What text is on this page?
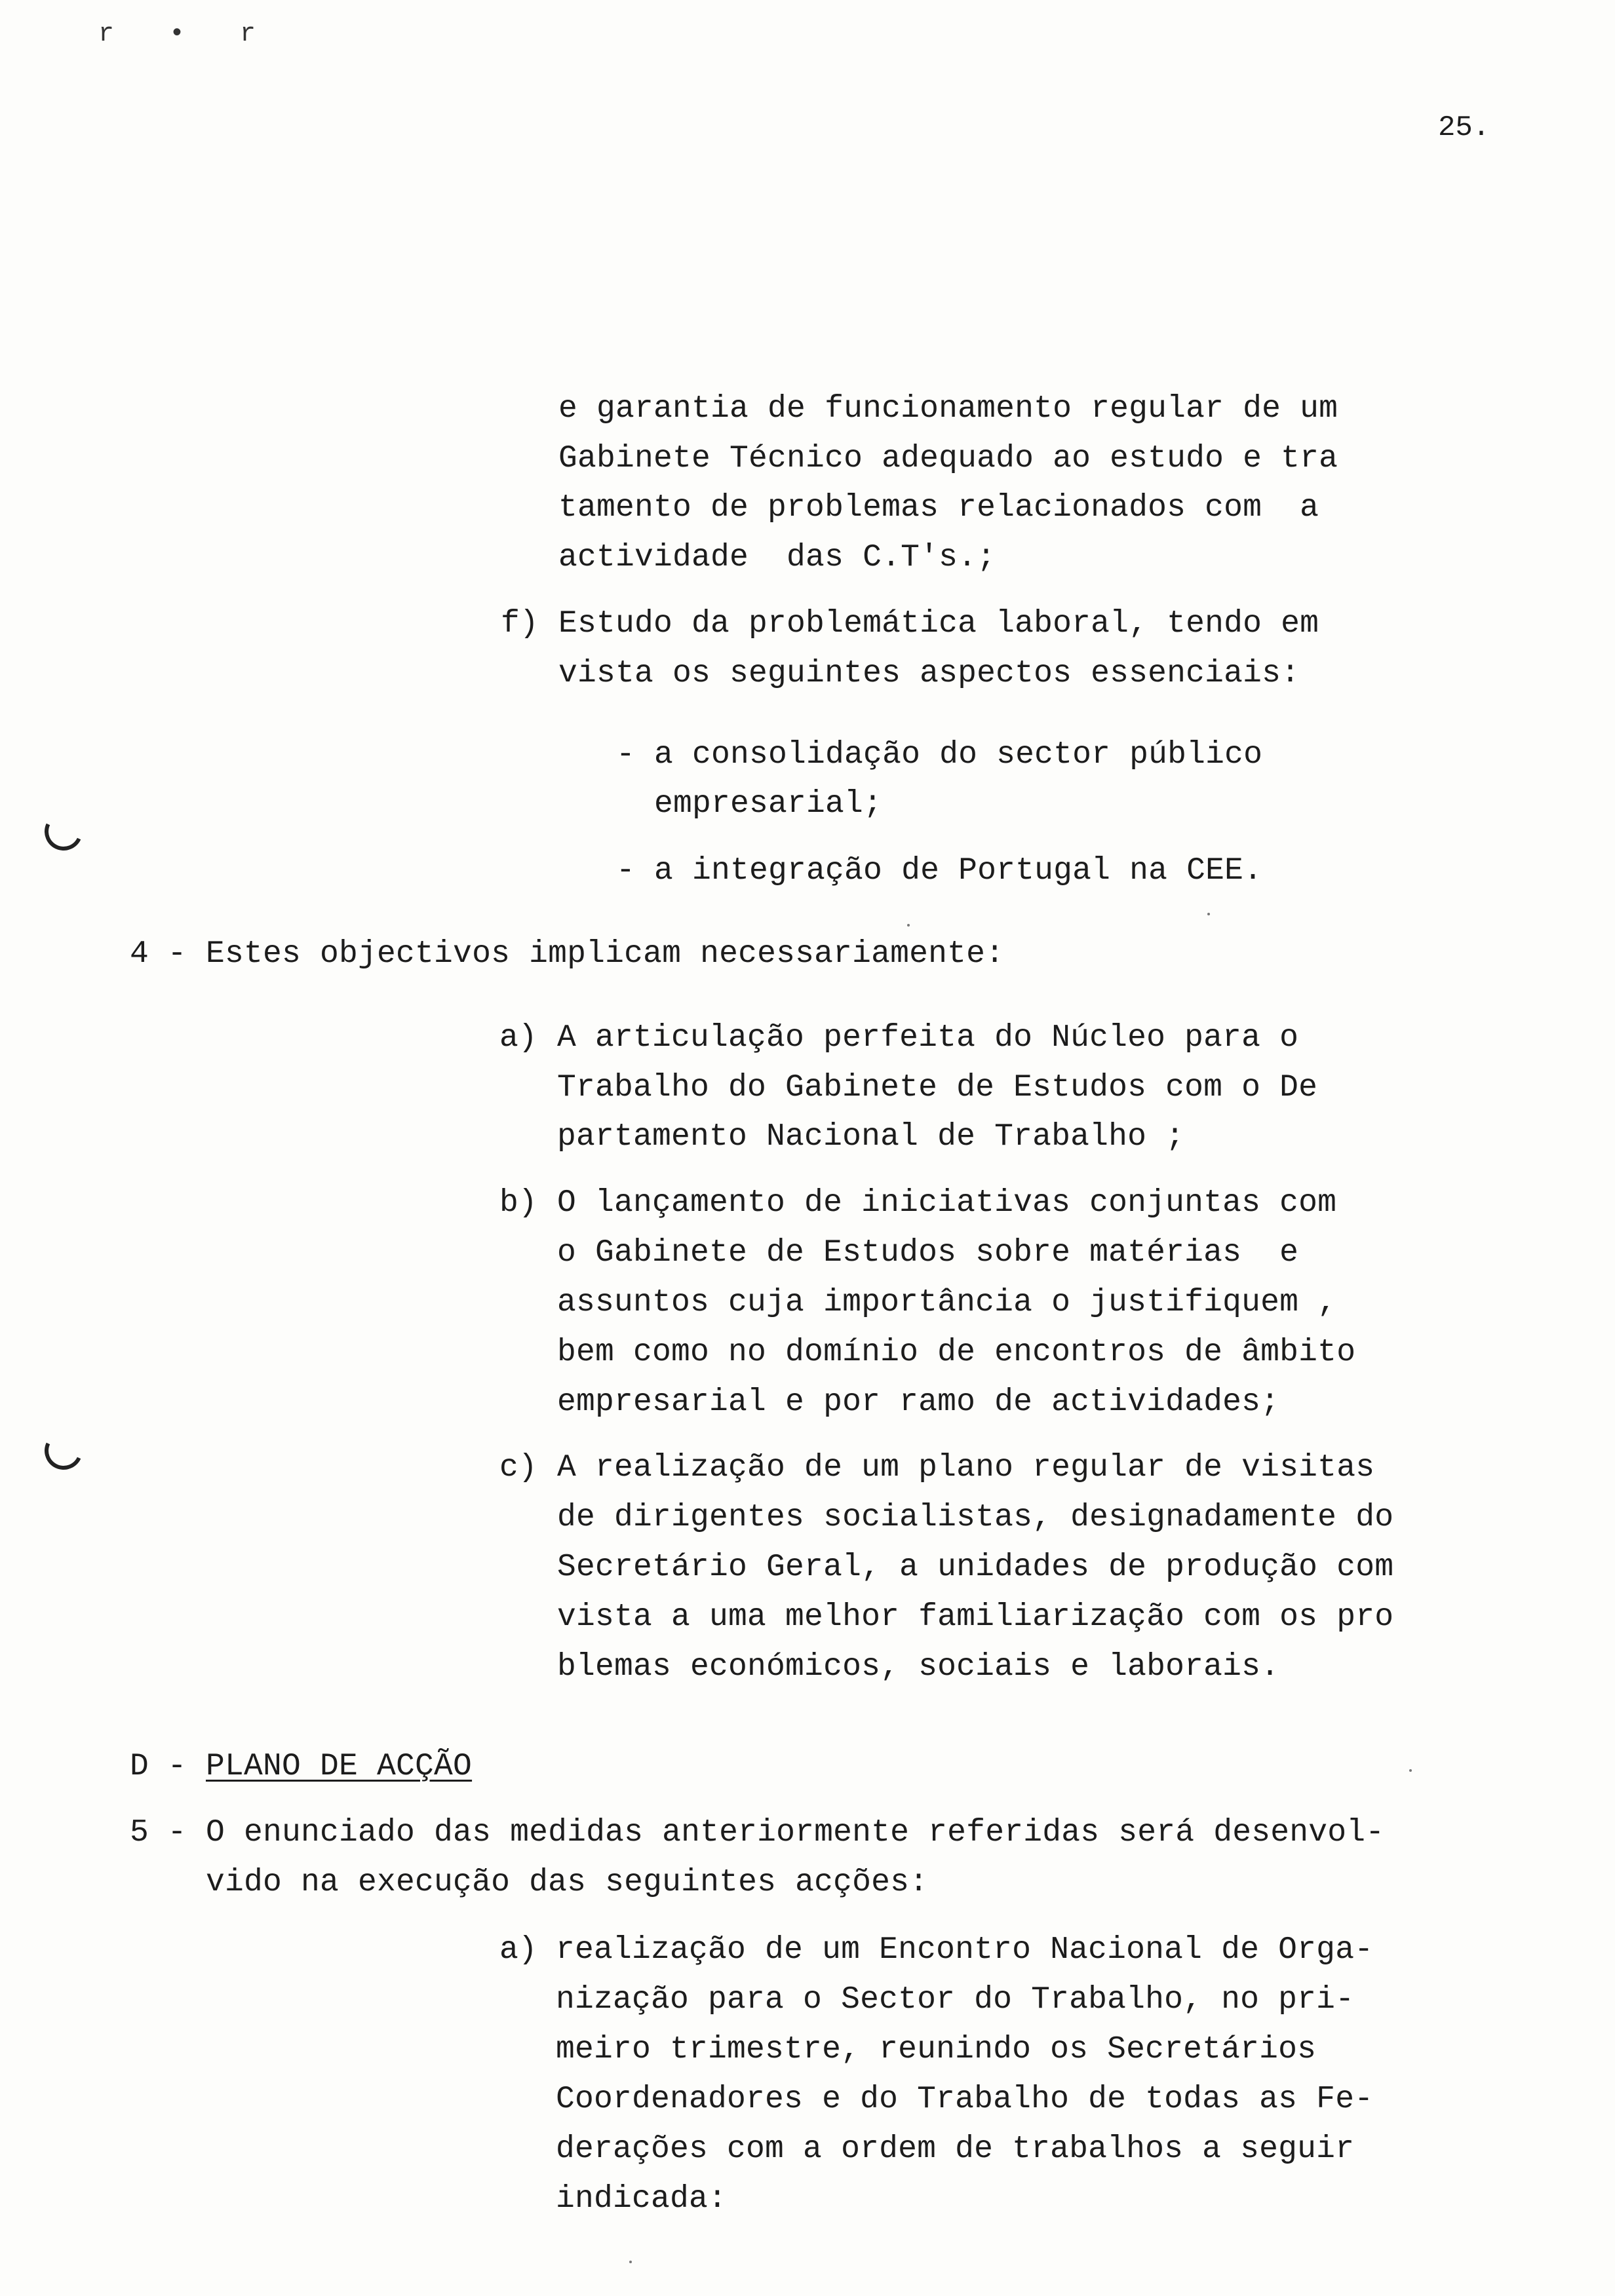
r • r
25.
e garantia de funcionamento regular de um
Gabinete Técnico adequado ao estudo e tra
tamento de problemas relacionados com  a
actividade  das C.T's.;
f) Estudo da problemática laboral, tendo em
vista os seguintes aspectos essenciais:
- a consolidação do sector público
empresarial;
- a integração de Portugal na CEE.
4 - Estes objectivos implicam necessariamente:
a) A articulação perfeita do Núcleo para o
Trabalho do Gabinete de Estudos com o De
partamento Nacional de Trabalho ;
b) O lançamento de iniciativas conjuntas com
o Gabinete de Estudos sobre matérias  e
assuntos cuja importância o justifiquem ,
bem como no domínio de encontros de âmbito
empresarial e por ramo de actividades;
c) A realização de um plano regular de visitas
de dirigentes socialistas, designadamente do
Secretário Geral, a unidades de produção com
vista a uma melhor familiarização com os pro
blemas económicos, sociais e laborais.
D - PLANO DE ACÇÃO
5 - O enunciado das medidas anteriormente referidas será desenvol-
vido na execução das seguintes acções:
a) realização de um Encontro Nacional de Orga-
nização para o Sector do Trabalho, no pri-
meiro trimestre, reunindo os Secretários
Coordenadores e do Trabalho de todas as Fe-
derações com a ordem de trabalhos a seguir
indicada:
